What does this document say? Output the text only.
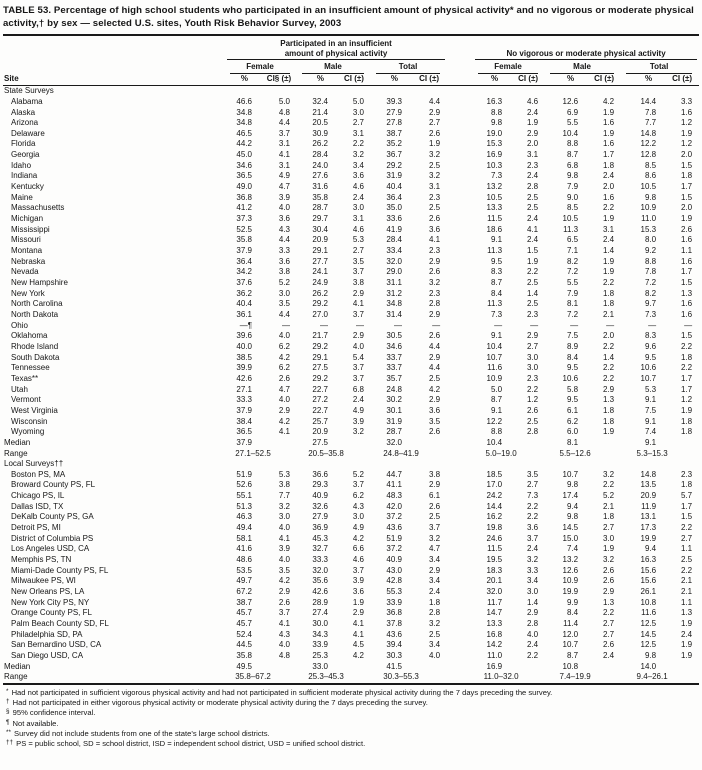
TABLE 53. Percentage of high school students who participated in an insufficient amount of physical activity* and no vigorous or moderate physical activity,† by sex — selected U.S. sites, Youth Risk Behavior Survey, 2003

	Participated in an insufficient
amount of physical activity							No vigorous or moderate physical activity					

	Female		Male		Total			Female		Male		Total	

Site	%	CI§ (±)	%	CI (±)	%	CI (±)		%	CI (±)	%	CI (±)	%	CI (±)
State Surveys													
Alabama	46.6	5.0	32.4	5.0	39.3	4.4		16.3	4.6	12.6	4.2	14.4	3.3
Alaska	34.8	4.8	21.4	3.0	27.9	2.9		8.8	2.4	6.9	1.9	7.8	1.6
Arizona	34.8	4.4	20.5	2.7	27.8	2.7		9.8	1.9	5.5	1.6	7.7	1.2
Delaware	46.5	3.7	30.9	3.1	38.7	2.6		19.0	2.9	10.4	1.9	14.8	1.9
Florida	44.2	3.1	26.2	2.2	35.2	1.9		15.3	2.0	8.8	1.6	12.2	1.2
Georgia	45.0	4.1	28.4	3.2	36.7	3.2		16.9	3.1	8.7	1.7	12.8	2.0
Idaho	34.6	3.1	24.0	3.4	29.2	2.5		10.3	2.3	6.8	1.8	8.5	1.5
Indiana	36.5	4.9	27.6	3.6	31.9	3.2		7.3	2.4	9.8	2.4	8.6	1.8
Kentucky	49.0	4.7	31.6	4.6	40.4	3.1		13.2	2.8	7.9	2.0	10.5	1.7
Maine	36.8	3.9	35.8	2.4	36.4	2.3		10.5	2.5	9.0	1.6	9.8	1.5
Massachusetts	41.2	4.0	28.7	3.0	35.0	2.5		13.3	2.5	8.5	2.2	10.9	2.0
Michigan	37.3	3.6	29.7	3.1	33.6	2.6		11.5	2.4	10.5	1.9	11.0	1.9
Mississippi	52.5	4.3	30.4	4.6	41.9	3.6		18.6	4.1	11.3	3.1	15.3	2.6
Missouri	35.8	4.4	20.9	5.3	28.4	4.1		9.1	2.4	6.5	2.4	8.0	1.6
Montana	37.9	3.3	29.1	2.7	33.4	2.3		11.3	1.5	7.1	1.4	9.2	1.1
Nebraska	36.4	3.6	27.7	3.5	32.0	2.9		9.5	1.9	8.2	1.9	8.8	1.6
Nevada	34.2	3.8	24.1	3.7	29.0	2.6		8.3	2.2	7.2	1.9	7.8	1.7
New Hampshire	37.6	5.2	24.9	3.8	31.1	3.2		8.7	2.5	5.5	2.2	7.2	1.5
New York	36.2	3.0	26.2	2.9	31.2	2.3		8.4	1.4	7.9	1.8	8.2	1.3
North Carolina	40.4	3.5	29.2	4.1	34.8	2.8		11.3	2.5	8.1	1.8	9.7	1.6
North Dakota	36.1	4.4	27.0	3.7	31.4	2.9		7.3	2.3	7.2	2.1	7.3	1.6
Ohio	—¶	—	—	—	—	—		—	—	—	—	—	—
Oklahoma	39.6	4.0	21.7	2.9	30.5	2.6		9.1	2.9	7.5	2.0	8.3	1.5
Rhode Island	40.0	6.2	29.2	4.0	34.6	4.4		10.4	2.7	8.9	2.2	9.6	2.2
South Dakota	38.5	4.2	29.1	5.4	33.7	2.9		10.7	3.0	8.4	1.4	9.5	1.8
Tennessee	39.9	6.2	27.5	3.7	33.7	4.4		11.6	3.0	9.5	2.2	10.6	2.2
Texas**	42.6	2.6	29.2	3.7	35.7	2.5		10.9	2.3	10.6	2.2	10.7	1.7
Utah	27.1	4.7	22.7	6.8	24.8	4.2		5.0	2.2	5.8	2.9	5.3	1.7
Vermont	33.3	4.0	27.2	2.4	30.2	2.9		8.7	1.2	9.5	1.3	9.1	1.2
West Virginia	37.9	2.9	22.7	4.9	30.1	3.6		9.1	2.6	6.1	1.8	7.5	1.9
Wisconsin	38.4	4.2	25.7	3.9	31.9	3.5		12.2	2.5	6.2	1.8	9.1	1.8
Wyoming	36.5	4.1	20.9	3.2	28.7	2.6		8.8	2.8	6.0	1.9	7.4	1.8
Median	37.9		27.5		32.0			10.4		8.1		9.1	
Range	27.1–52.5		20.5–35.8		24.8–41.9			5.0–19.0		5.5–12.6		5.3–15.3	
Local Surveys††													
Boston PS, MA	51.9	5.3	36.6	5.2	44.7	3.8		18.5	3.5	10.7	3.2	14.8	2.3
Broward County PS, FL	52.6	3.8	29.3	3.7	41.1	2.9		17.0	2.7	9.8	2.2	13.5	1.8
Chicago PS, IL	55.1	7.7	40.9	6.2	48.3	6.1		24.2	7.3	17.4	5.2	20.9	5.7
Dallas ISD, TX	51.3	3.2	32.6	4.3	42.0	2.6		14.4	2.2	9.4	2.1	11.9	1.7
DeKalb County PS, GA	46.3	3.0	27.9	3.0	37.2	2.5		16.2	2.2	9.8	1.8	13.1	1.5
Detroit PS, MI	49.4	4.0	36.9	4.9	43.6	3.7		19.8	3.6	14.5	2.7	17.3	2.2
District of Columbia PS	58.1	4.1	45.3	4.2	51.9	3.2		24.6	3.7	15.0	3.0	19.9	2.7
Los Angeles USD, CA	41.6	3.9	32.7	6.6	37.2	4.7		11.5	2.4	7.4	1.9	9.4	1.1
Memphis PS, TN	48.6	4.0	33.3	4.6	40.9	3.4		19.5	3.2	13.2	3.2	16.3	2.5
Miami-Dade County PS, FL	53.5	3.5	32.0	3.7	43.0	2.9		18.3	3.3	12.6	2.6	15.6	2.2
Milwaukee PS, WI	49.7	4.2	35.6	3.9	42.8	3.4		20.1	3.4	10.9	2.6	15.6	2.1
New Orleans PS, LA	67.2	2.9	42.6	3.6	55.3	2.4		32.0	3.0	19.9	2.9	26.1	2.1
New York City PS, NY	38.7	2.6	28.9	1.9	33.9	1.8		11.7	1.4	9.9	1.3	10.8	1.1
Orange County PS, FL	45.7	3.7	27.4	2.9	36.8	2.8		14.7	2.9	8.4	2.2	11.6	1.3
Palm Beach County SD, FL	45.7	4.1	30.0	4.1	37.8	3.2		13.3	2.8	11.4	2.7	12.5	1.9
Philadelphia SD, PA	52.4	4.3	34.3	4.1	43.6	2.5		16.8	4.0	12.0	2.7	14.5	2.4
San Bernardino USD, CA	44.5	4.0	33.9	4.5	39.4	3.4		14.2	2.4	10.7	2.6	12.5	1.9
San Diego USD, CA	35.8	4.8	25.3	4.2	30.3	4.0		11.0	2.2	8.7	2.4	9.8	1.9
Median	49.5		33.0		41.5			16.9		10.8		14.0	
Range	35.8–67.2		25.3–45.3		30.3–55.3			11.0–32.0		7.4–19.9		9.4–26.1	
* Had not participated in sufficient vigorous physical activity and had not participated in sufficient moderate physical activity during the 7 days preceding the survey.
† Had not participated in either vigorous physical activity or moderate physical activity during the 7 days preceding the survey.
§ 95% confidence interval.
¶ Not available.
** Survey did not include students from one of the state’s large school districts.
†† PS = public school, SD = school district, ISD = independent school district, USD = unified school district.
